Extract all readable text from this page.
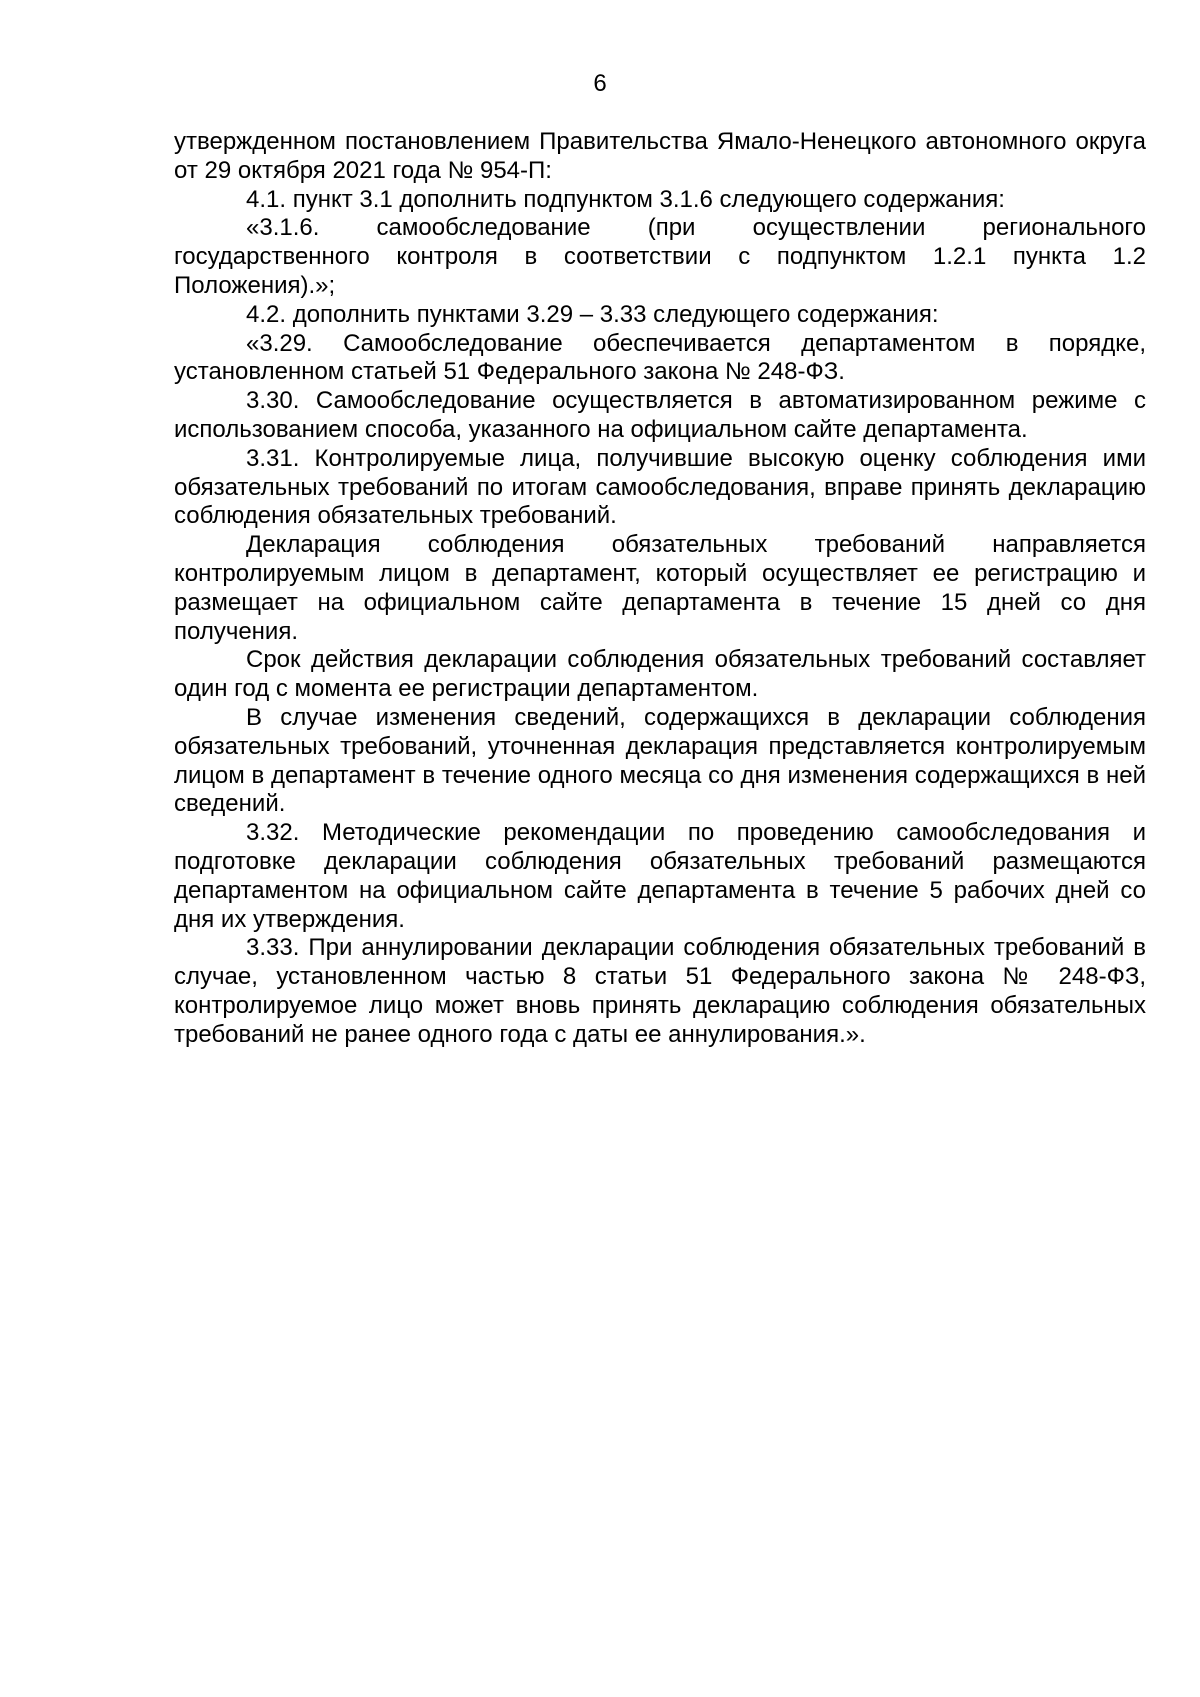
6

утвержденном постановлением Правительства Ямало-Ненецкого автономного округа от 29 октября 2021 года № 954-П:

4.1. пункт 3.1 дополнить подпунктом 3.1.6 следующего содержания:

«3.1.6. самообследование (при осуществлении регионального государственного контроля в соответствии с подпунктом 1.2.1 пункта 1.2 Положения).»;

4.2. дополнить пунктами 3.29 – 3.33 следующего содержания:

«3.29. Самообследование обеспечивается департаментом в порядке, установленном статьей 51 Федерального закона № 248-ФЗ.

3.30. Самообследование осуществляется в автоматизированном режиме с использованием способа, указанного на официальном сайте департамента.

3.31. Контролируемые лица, получившие высокую оценку соблюдения ими обязательных требований по итогам самообследования, вправе принять декларацию соблюдения обязательных требований.

Декларация соблюдения обязательных требований направляется контролируемым лицом в департамент, который осуществляет ее регистрацию и размещает на официальном сайте департамента в течение 15 дней со дня получения.

Срок действия декларации соблюдения обязательных требований составляет один год с момента ее регистрации департаментом.

В случае изменения сведений, содержащихся в декларации соблюдения обязательных требований, уточненная декларация представляется контролируемым лицом в департамент в течение одного месяца со дня изменения содержащихся в ней сведений.

3.32. Методические рекомендации по проведению самообследования и подготовке декларации соблюдения обязательных требований размещаются департаментом на официальном сайте департамента в течение 5 рабочих дней со дня их утверждения.

3.33. При аннулировании декларации соблюдения обязательных требований в случае, установленном частью 8 статьи 51 Федерального закона № 248-ФЗ, контролируемое лицо может вновь принять декларацию соблюдения обязательных требований не ранее одного года с даты ее аннулирования.».
